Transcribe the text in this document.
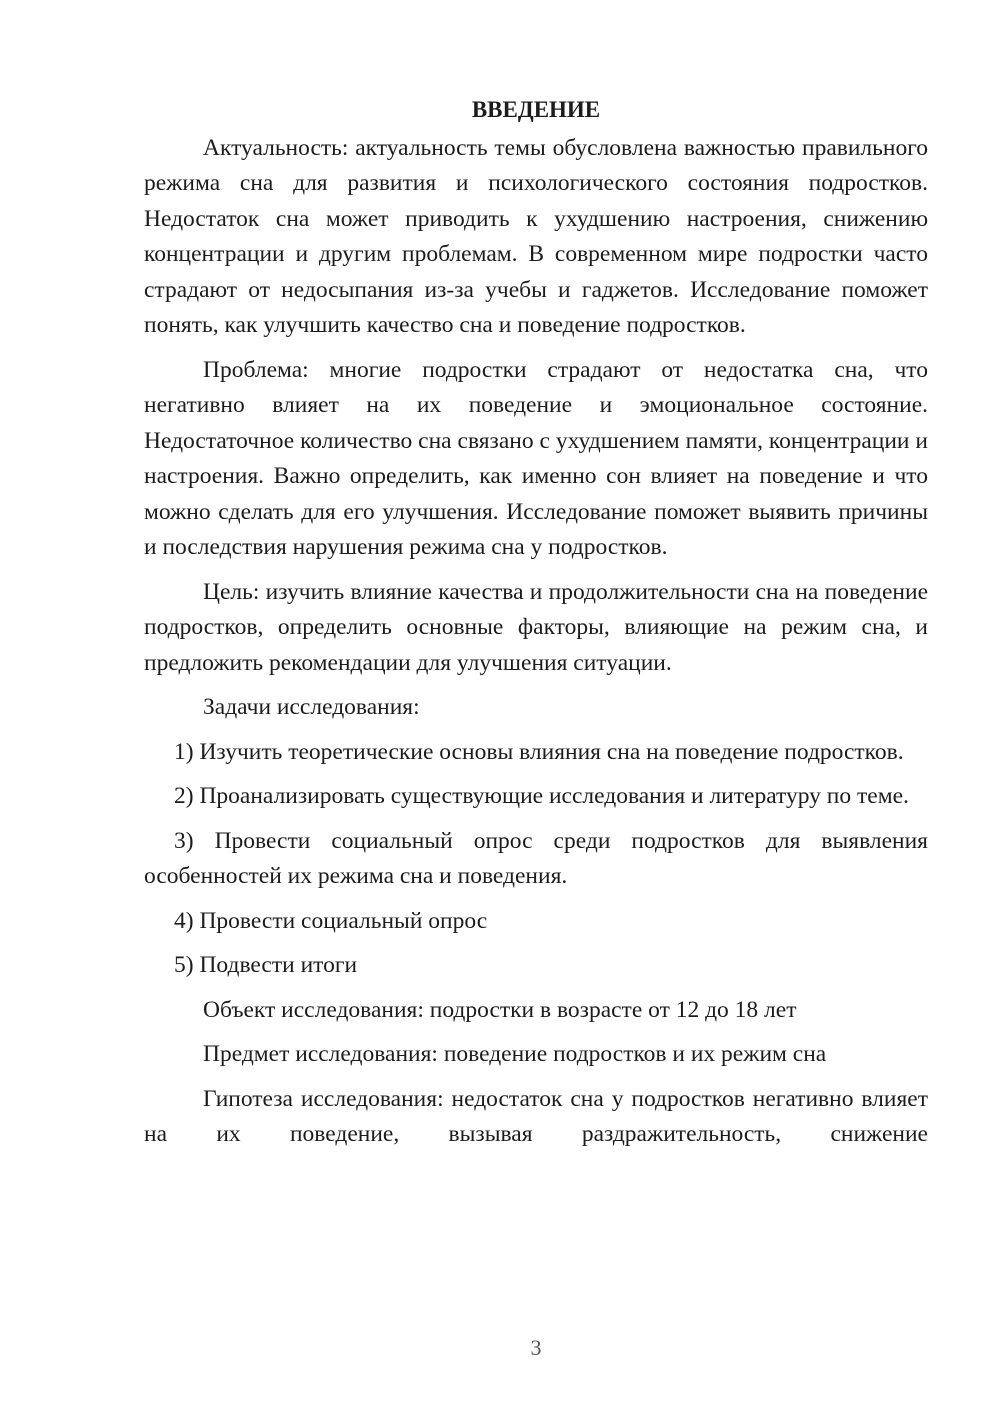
ВВЕДЕНИЕ

Актуальность: актуальность темы обусловлена важностью правильного режима сна для развития и психологического состояния подростков. Недостаток сна может приводить к ухудшению настроения, снижению концентрации и другим проблемам. В современном мире подростки часто страдают от недосыпания из-за учебы и гаджетов. Исследование поможет понять, как улучшить качество сна и поведение подростков.

Проблема: многие подростки страдают от недостатка сна, что негативно влияет на их поведение и эмоциональное состояние. Недостаточное количество сна связано с ухудшением памяти, концентрации и настроения. Важно определить, как именно сон влияет на поведение и что можно сделать для его улучшения. Исследование поможет выявить причины и последствия нарушения режима сна у подростков.

Цель: изучить влияние качества и продолжительности сна на поведение подростков, определить основные факторы, влияющие на режим сна, и предложить рекомендации для улучшения ситуации.

Задачи исследования:

1) Изучить теоретические основы влияния сна на поведение подростков.

2) Проанализировать существующие исследования и литературу по теме.

3) Провести социальный опрос среди подростков для выявления особенностей их режима сна и поведения.

4) Провести социальный опрос

5) Подвести итоги

Объект исследования: подростки в возрасте от 12 до 18 лет

Предмет исследования: поведение подростков и их режим сна

Гипотеза исследования: недостаток сна у подростков негативно влияет на их поведение, вызывая раздражительность, снижение

3
